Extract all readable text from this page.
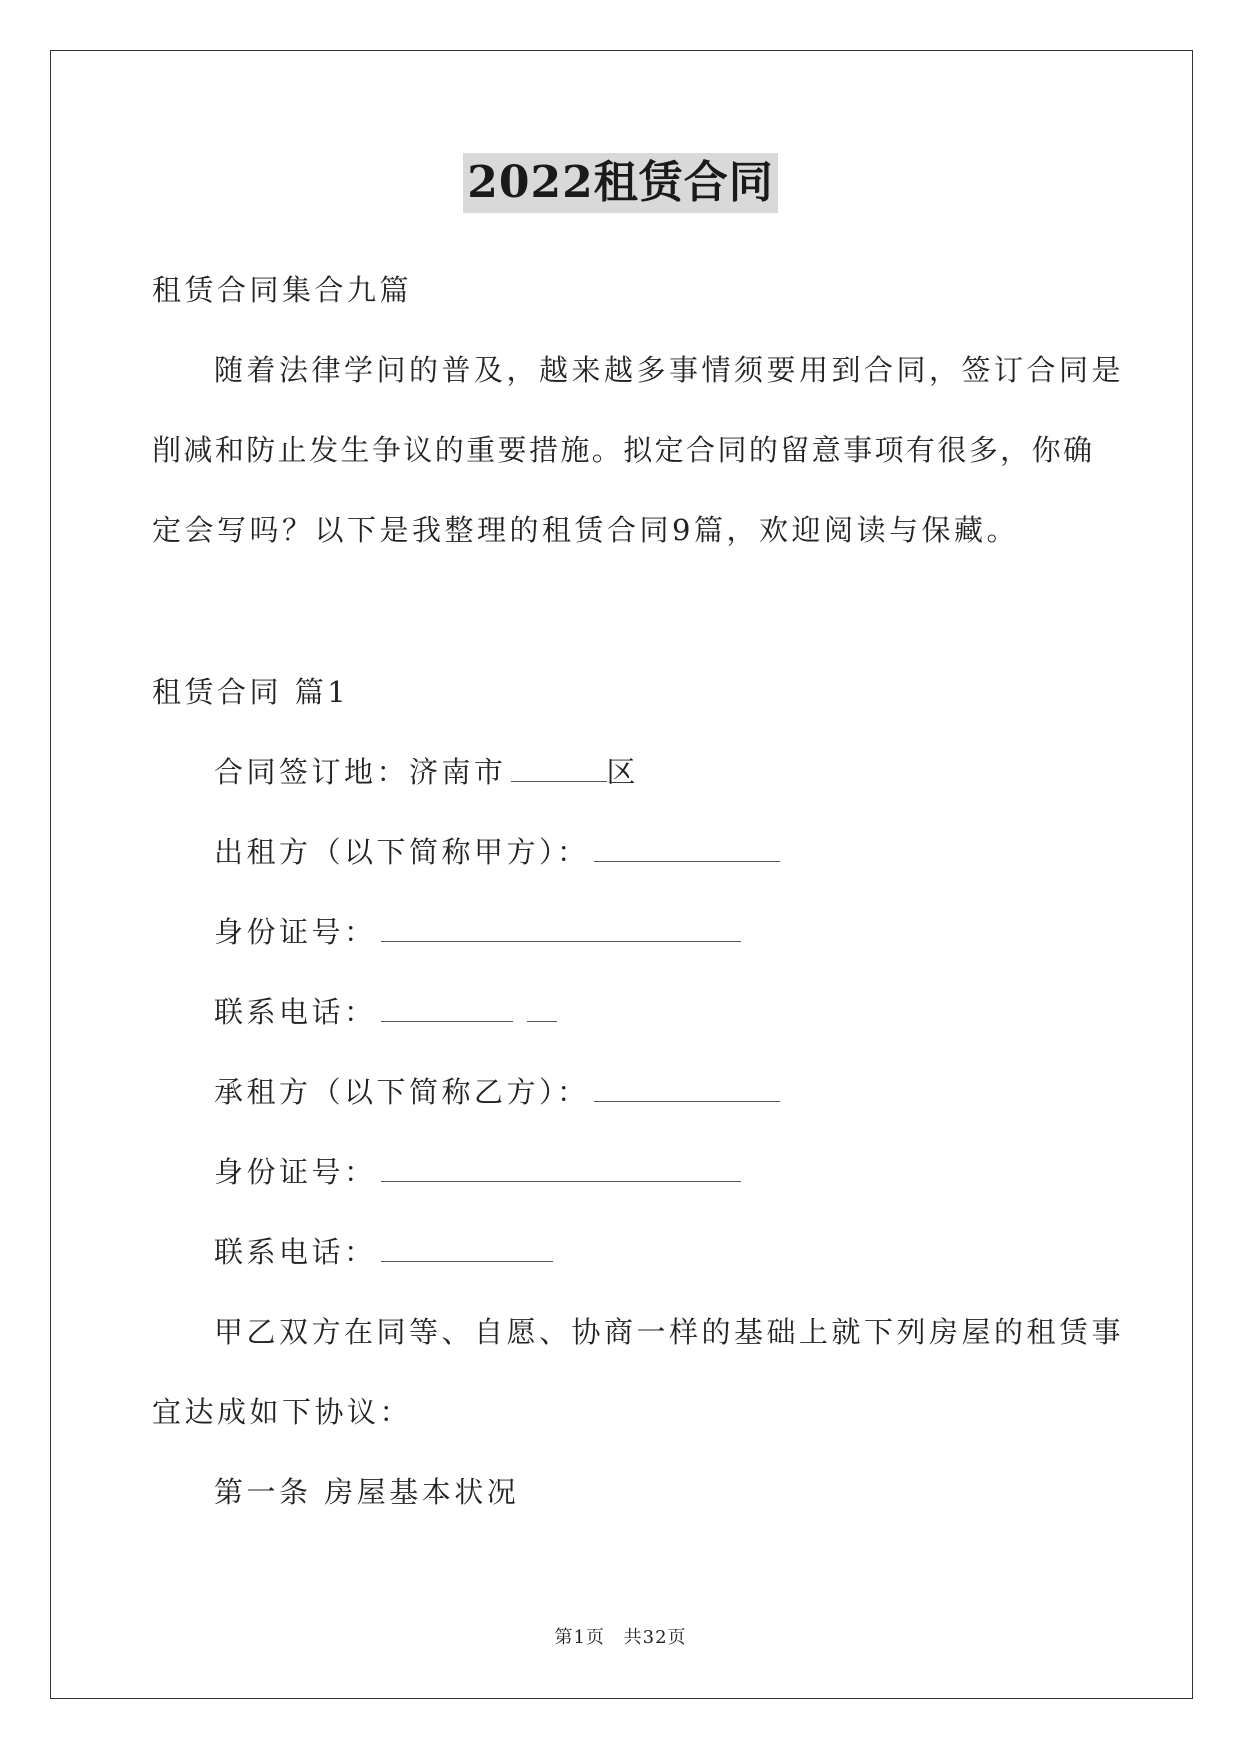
2022租赁合同
租赁合同集合九篇
随着法律学问的普及，越来越多事情须要用到合同，签订合同是
削减和防止发生争议的重要措施。拟定合同的留意事项有很多，你确
定会写吗？以下是我整理的租赁合同9篇，欢迎阅读与保藏。
租赁合同 篇1
合同签订地：济南市	区
出租方（以下简称甲方）：
身份证号：
联系电话：
承租方（以下简称乙方）：
身份证号：
联系电话：
甲乙双方在同等、自愿、协商一样的基础上就下列房屋的租赁事
宜达成如下协议：
第一条 房屋基本状况
第1页 共32页
